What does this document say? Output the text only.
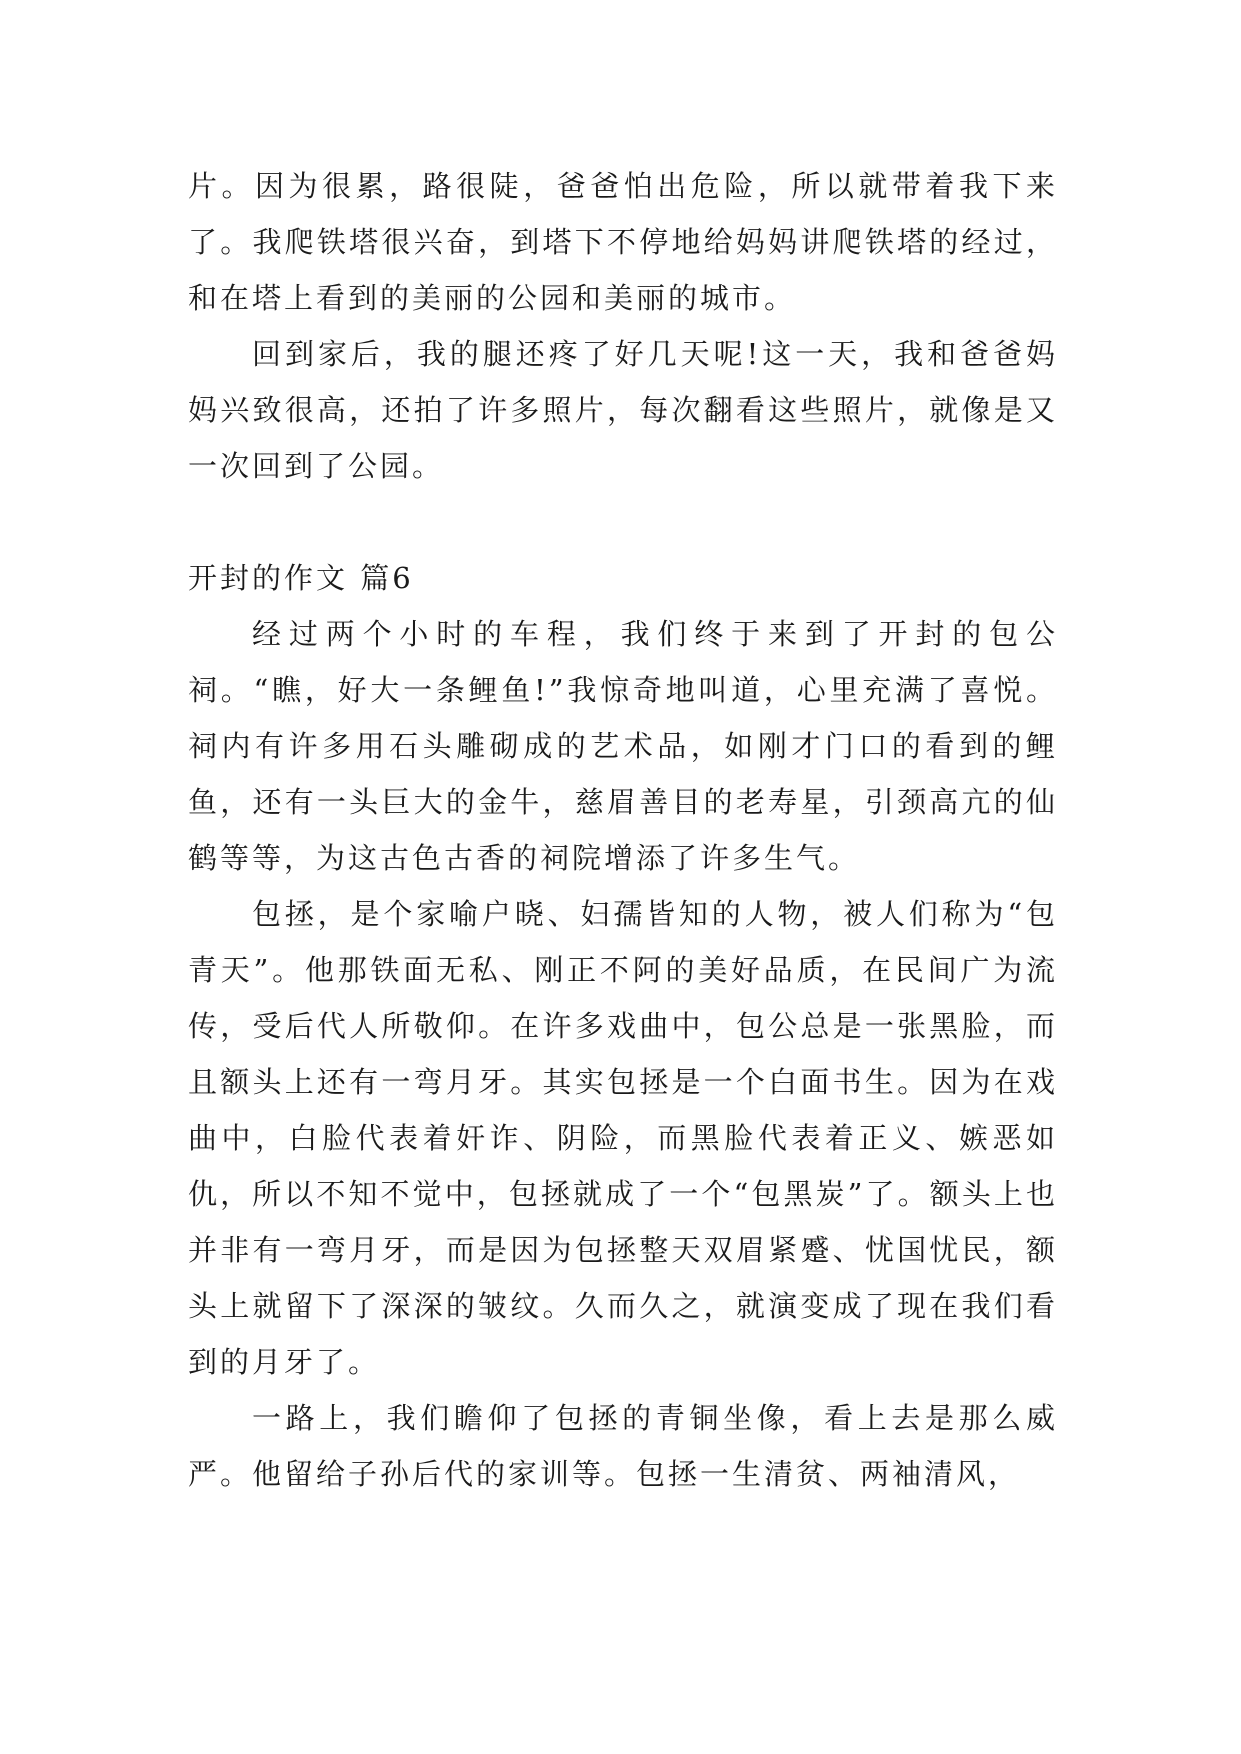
片。因为很累，路很陡，爸爸怕出危险，所以就带着我下来了。我爬铁塔很兴奋，到塔下不停地给妈妈讲爬铁塔的经过，和在塔上看到的美丽的公园和美丽的城市。

回到家后，我的腿还疼了好几天呢!这一天，我和爸爸妈妈兴致很高，还拍了许多照片，每次翻看这些照片，就像是又一次回到了公园。

开封的作文 篇6

经过两个小时的车程，我们终于来到了开封的包公祠。“瞧，好大一条鲤鱼!”我惊奇地叫道，心里充满了喜悦。祠内有许多用石头雕砌成的艺术品，如刚才门口的看到的鲤鱼，还有一头巨大的金牛，慈眉善目的老寿星，引颈高亢的仙鹤等等，为这古色古香的祠院增添了许多生气。

包拯，是个家喻户晓、妇孺皆知的人物，被人们称为“包青天”。他那铁面无私、刚正不阿的美好品质，在民间广为流传，受后代人所敬仰。在许多戏曲中，包公总是一张黑脸，而且额头上还有一弯月牙。其实包拯是一个白面书生。因为在戏曲中，白脸代表着奸诈、阴险，而黑脸代表着正义、嫉恶如仇，所以不知不觉中，包拯就成了一个“包黑炭”了。额头上也并非有一弯月牙，而是因为包拯整天双眉紧蹙、忧国忧民，额头上就留下了深深的皱纹。久而久之，就演变成了现在我们看到的月牙了。

一路上，我们瞻仰了包拯的青铜坐像，看上去是那么威严。他留给子孙后代的家训等。包拯一生清贫、两袖清风，
